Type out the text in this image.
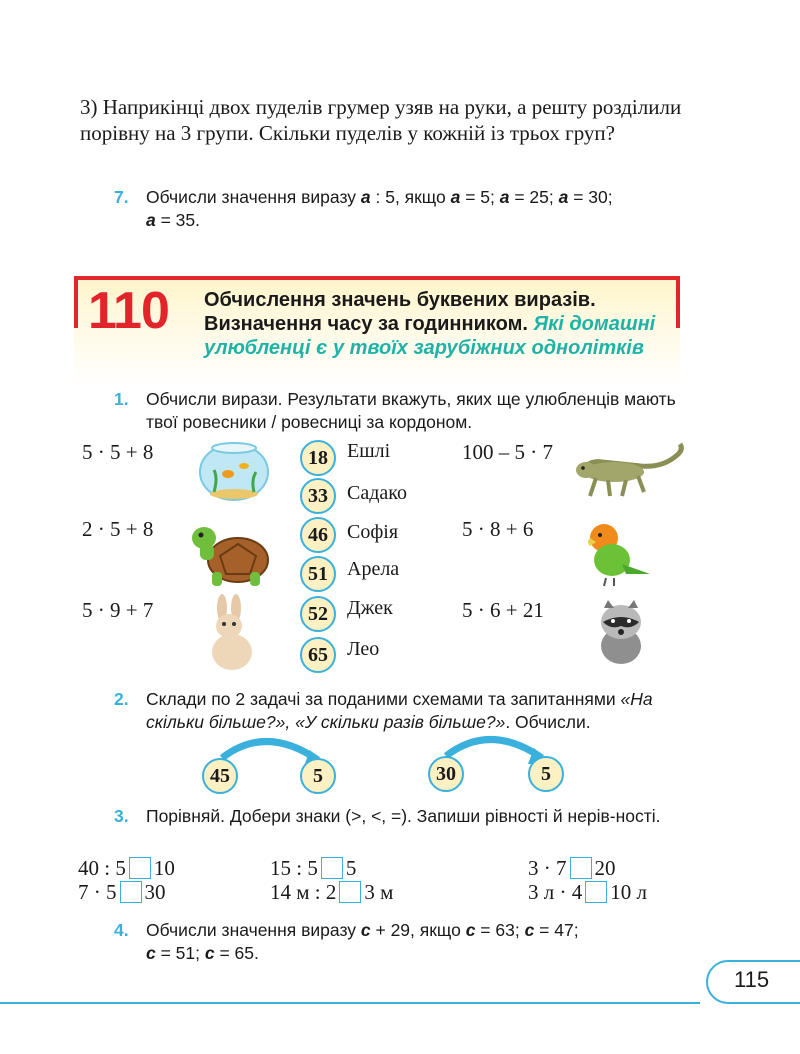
3) Наприкінці двох пуделів грумер узяв на руки, а решту розділили порівну на 3 групи. Скільки пуделів у кожній із трьох груп?
7. Обчисли значення виразу а : 5, якщо а = 5; а = 25; а = 30;
а = 35.
110 Обчислення значень буквених виразів.
Визначення часу за годинником. Які домашні улюбленці є у твоїх зарубіжних однолітків
1. Обчисли вирази. Результати вкажуть, яких ще улюбленців мають твої ровесники / ровесниці за кордоном.
5 · 5 + 8
2 · 5 + 8
5 · 9 + 7
100 – 5 · 7
5 · 8 + 6
5 · 6 + 21
18 Ешлі
33 Садако
46 Софія
51 Арела
52 Джек
65 Лео
2. Склади по 2 задачі за поданими схемами та запитаннями «На скільки більше?», «У скільки разів більше?». Обчисли.
45	5	30	5
3. Порівняй. Добери знаки (>, <, =). Запиши рівності й нерів-ності.
40 : 5 10	15 : 5 5	3 · 7 20
7 · 5 30	14 м : 2 3 м	3 л · 4 10 л
4. Обчисли значення виразу с + 29, якщо с = 63; с = 47;
с = 51; с = 65.
115
